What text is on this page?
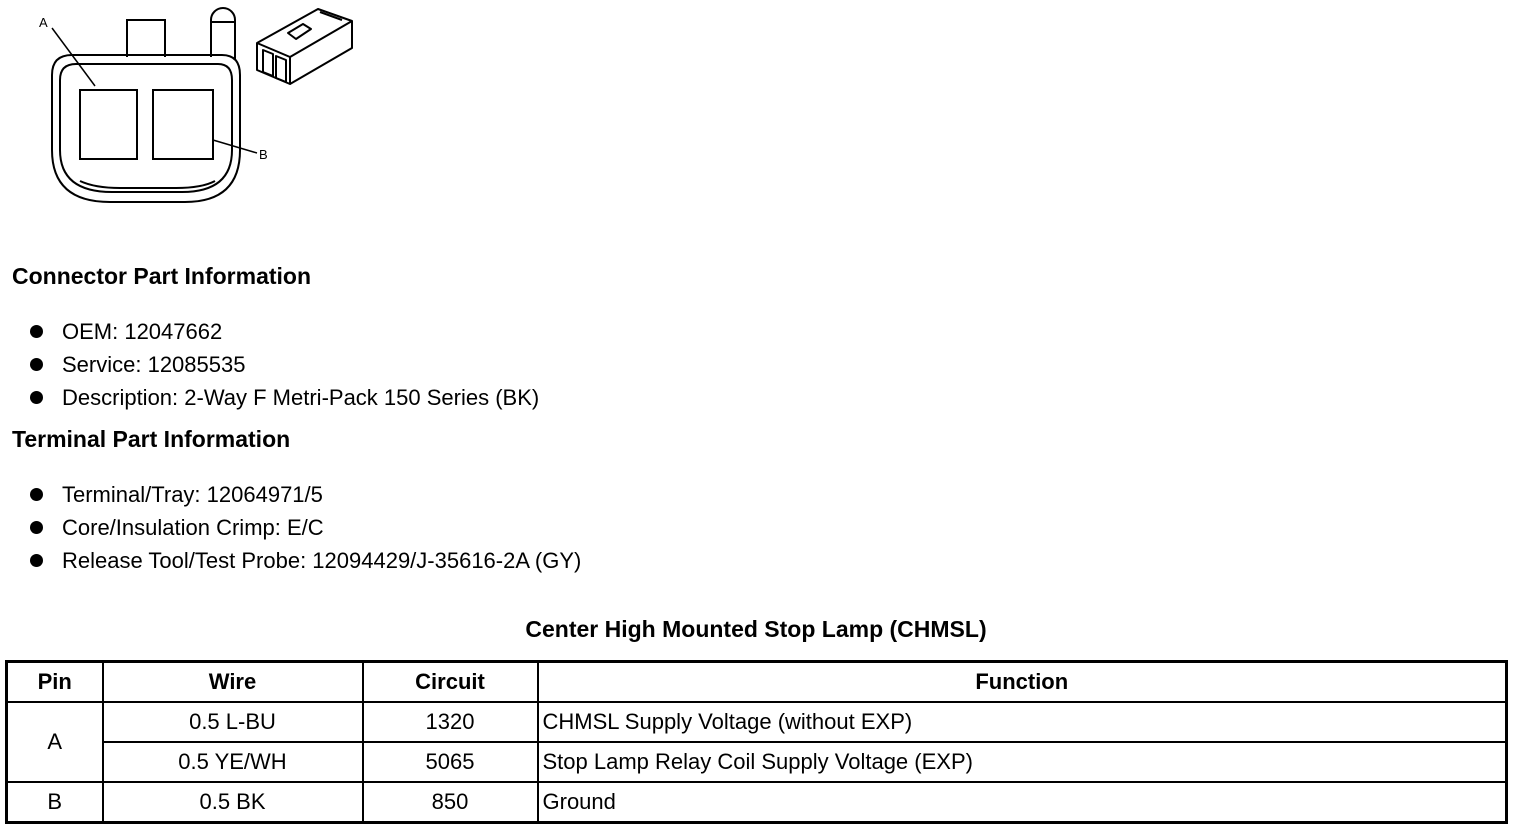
A
B
Connector Part Information
OEM: 12047662
Service: 12085535
Description: 2-Way F Metri-Pack 150 Series (BK)
Terminal Part Information
Terminal/Tray: 12064971/5
Core/Insulation Crimp: E/C
Release Tool/Test Probe: 12094429/J-35616-2A (GY)
Center High Mounted Stop Lamp (CHMSL)
Pin	Wire	Circuit	Function
A	0.5 L-BU	1320	CHMSL Supply Voltage (without EXP)
	0.5 YE/WH	5065	Stop Lamp Relay Coil Supply Voltage (EXP)
B	0.5 BK	850	Ground
